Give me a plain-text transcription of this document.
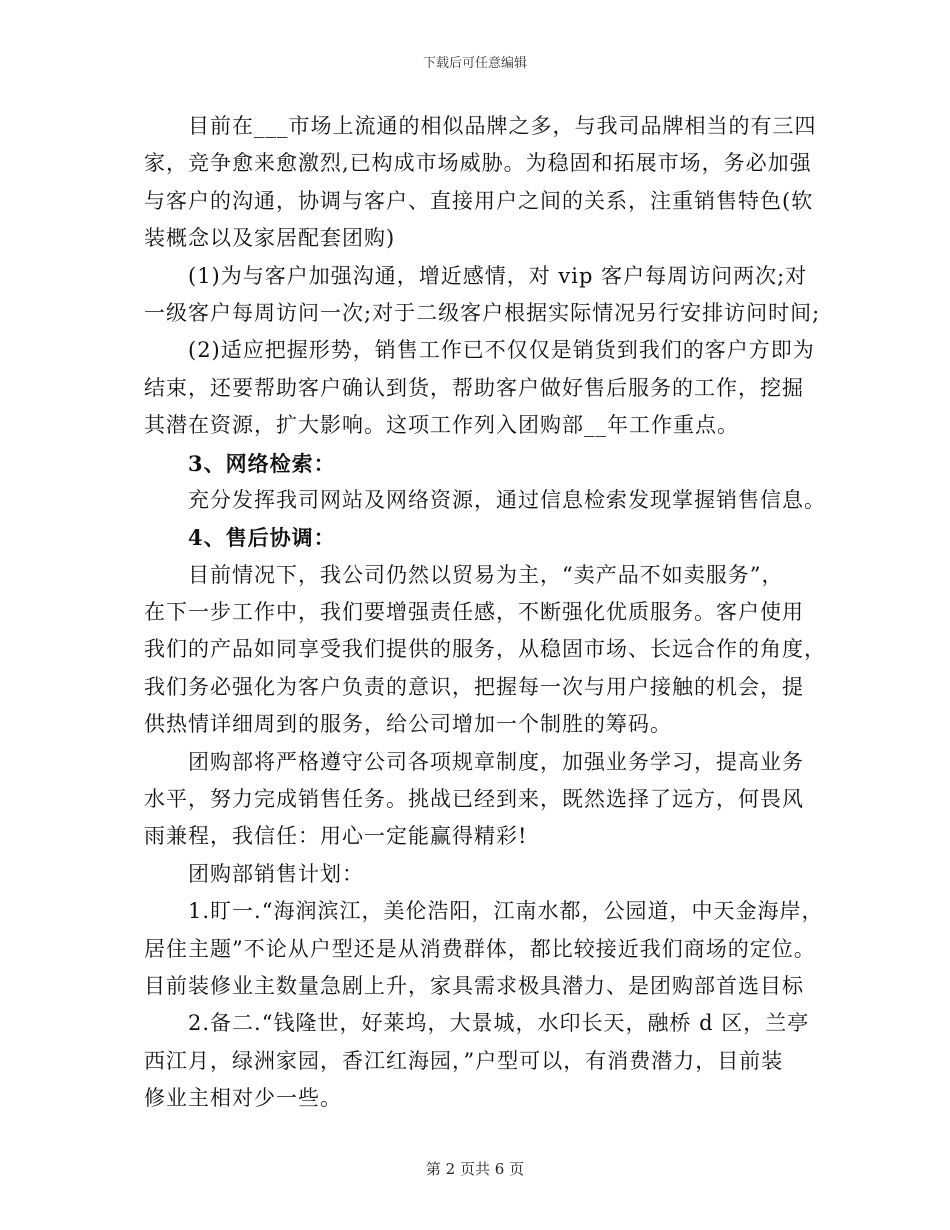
下载后可任意编辑
目前在___市场上流通的相似品牌之多，与我司品牌相当的有三四
家，竞争愈来愈激烈,已构成市场威胁。为稳固和拓展市场，务必加强
与客户的沟通，协调与客户、直接用户之间的关系，注重销售特色(软
装概念以及家居配套团购)
(1)为与客户加强沟通，增近感情，对 vip 客户每周访问两次;对
一级客户每周访问一次;对于二级客户根据实际情况另行安排访问时间;
(2)适应把握形势，销售工作已不仅仅是销货到我们的客户方即为
结束，还要帮助客户确认到货，帮助客户做好售后服务的工作，挖掘
其潜在资源，扩大影响。这项工作列入团购部__年工作重点。
3、网络检索：
充分发挥我司网站及网络资源，通过信息检索发现掌握销售信息。
4、售后协调：
目前情况下，我公司仍然以贸易为主，“卖产品不如卖服务”，
在下一步工作中，我们要增强责任感，不断强化优质服务。客户使用
我们的产品如同享受我们提供的服务，从稳固市场、长远合作的角度，
我们务必强化为客户负责的意识，把握每一次与用户接触的机会，提
供热情详细周到的服务，给公司增加一个制胜的筹码。
团购部将严格遵守公司各项规章制度，加强业务学习，提高业务
水平，努力完成销售任务。挑战已经到来，既然选择了远方，何畏风
雨兼程，我信任：用心一定能赢得精彩!
团购部销售计划：
1.盯一.“海润滨江，美伦浩阳，江南水都，公园道，中天金海岸，
居住主题”不论从户型还是从消费群体，都比较接近我们商场的定位。
目前装修业主数量急剧上升，家具需求极具潜力、是团购部首选目标
2.备二.“钱隆世，好莱坞，大景城，水印长天，融桥 d 区，兰亭
西江月，绿洲家园，香江红海园，”户型可以，有消费潜力，目前装
修业主相对少一些。
第 2 页共 6 页
